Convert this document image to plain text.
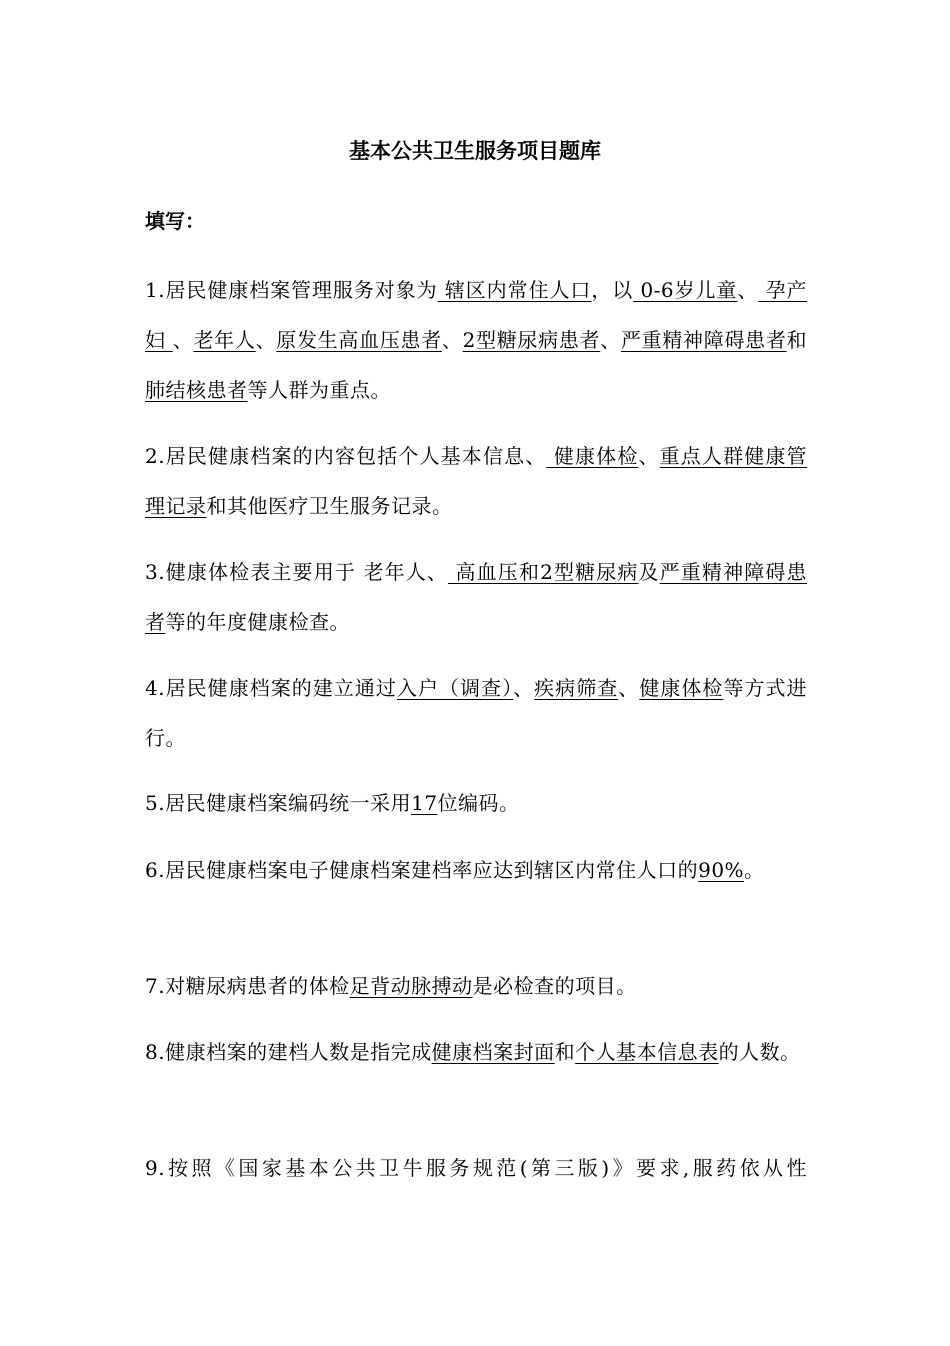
基本公共卫生服务项目题库
填写：
1.居民健康档案管理服务对象为 辖区内常住人口，以 0-6岁儿童、 孕产妇 、老年人、原发生高血压患者、2型糖尿病患者、严重精神障碍患者和 肺结核患者等人群为重点。
2.居民健康档案的内容包括个人基本信息、 健康体检、重点人群健康管理记录和其他医疗卫生服务记录。
3.健康体检表主要用于 老年人、 高血压和2型糖尿病及严重精神障碍患者等的年度健康检查。
4.居民健康档案的建立通过入户（调查）、疾病筛查、健康体检等方式进行。
5.居民健康档案编码统一采用17位编码。
6.居民健康档案电子健康档案建档率应达到辖区内常住人口的90%。
7.对糖尿病患者的体检足背动脉搏动是必检查的项目。
8.健康档案的建档人数是指完成健康档案封面和个人基本信息表的人数。
9.按照《国家基本公共卫牛服务规范(第三版)》要求,服药依从性
